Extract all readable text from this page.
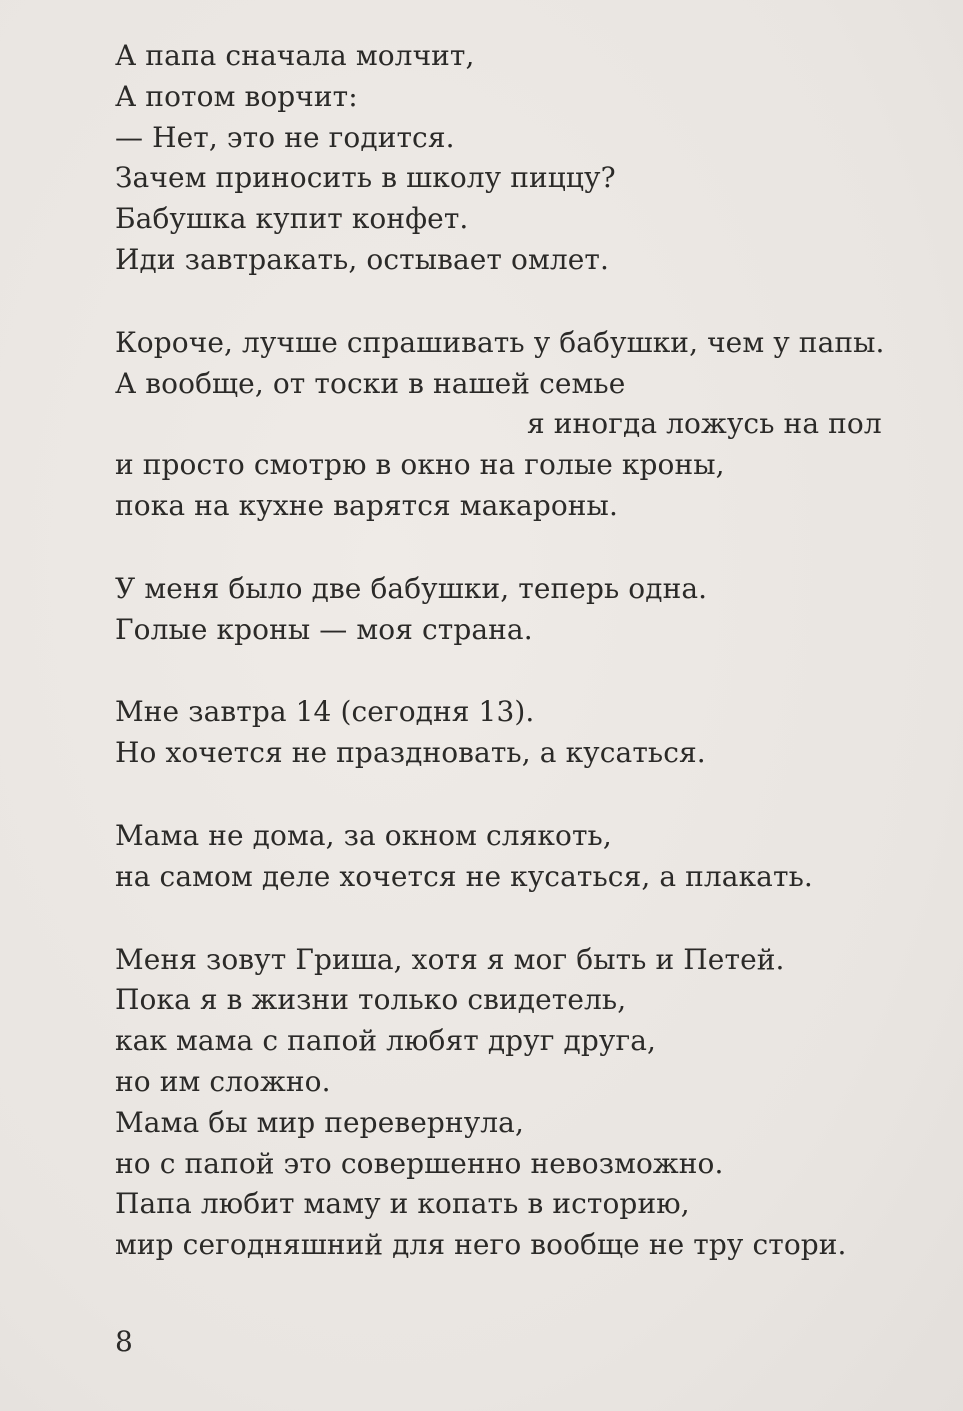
А папа сначала молчит,
А потом ворчит:
— Нет, это не годится.
Зачем приносить в школу пиццу?
Бабушка купит конфет.
Иди завтракать, остывает омлет.
Короче, лучше спрашивать у бабушки, чем у папы.
А вообще, от тоски в нашей семье
я иногда ложусь на пол
и просто смотрю в окно на голые кроны,
пока на кухне варятся макароны.
У меня было две бабушки, теперь одна.
Голые кроны — моя страна.
Мне завтра 14 (сегодня 13).
Но хочется не праздновать, а кусаться.
Мама не дома, за окном слякоть,
на самом деле хочется не кусаться, а плакать.
Меня зовут Гриша, хотя я мог быть и Петей.
Пока я в жизни только свидетель,
как мама с папой любят друг друга,
но им сложно.
Мама бы мир перевернула,
но с папой это совершенно невозможно.
Папа любит маму и копать в историю,
мир сегодняшний для него вообще не тру стори.
8
